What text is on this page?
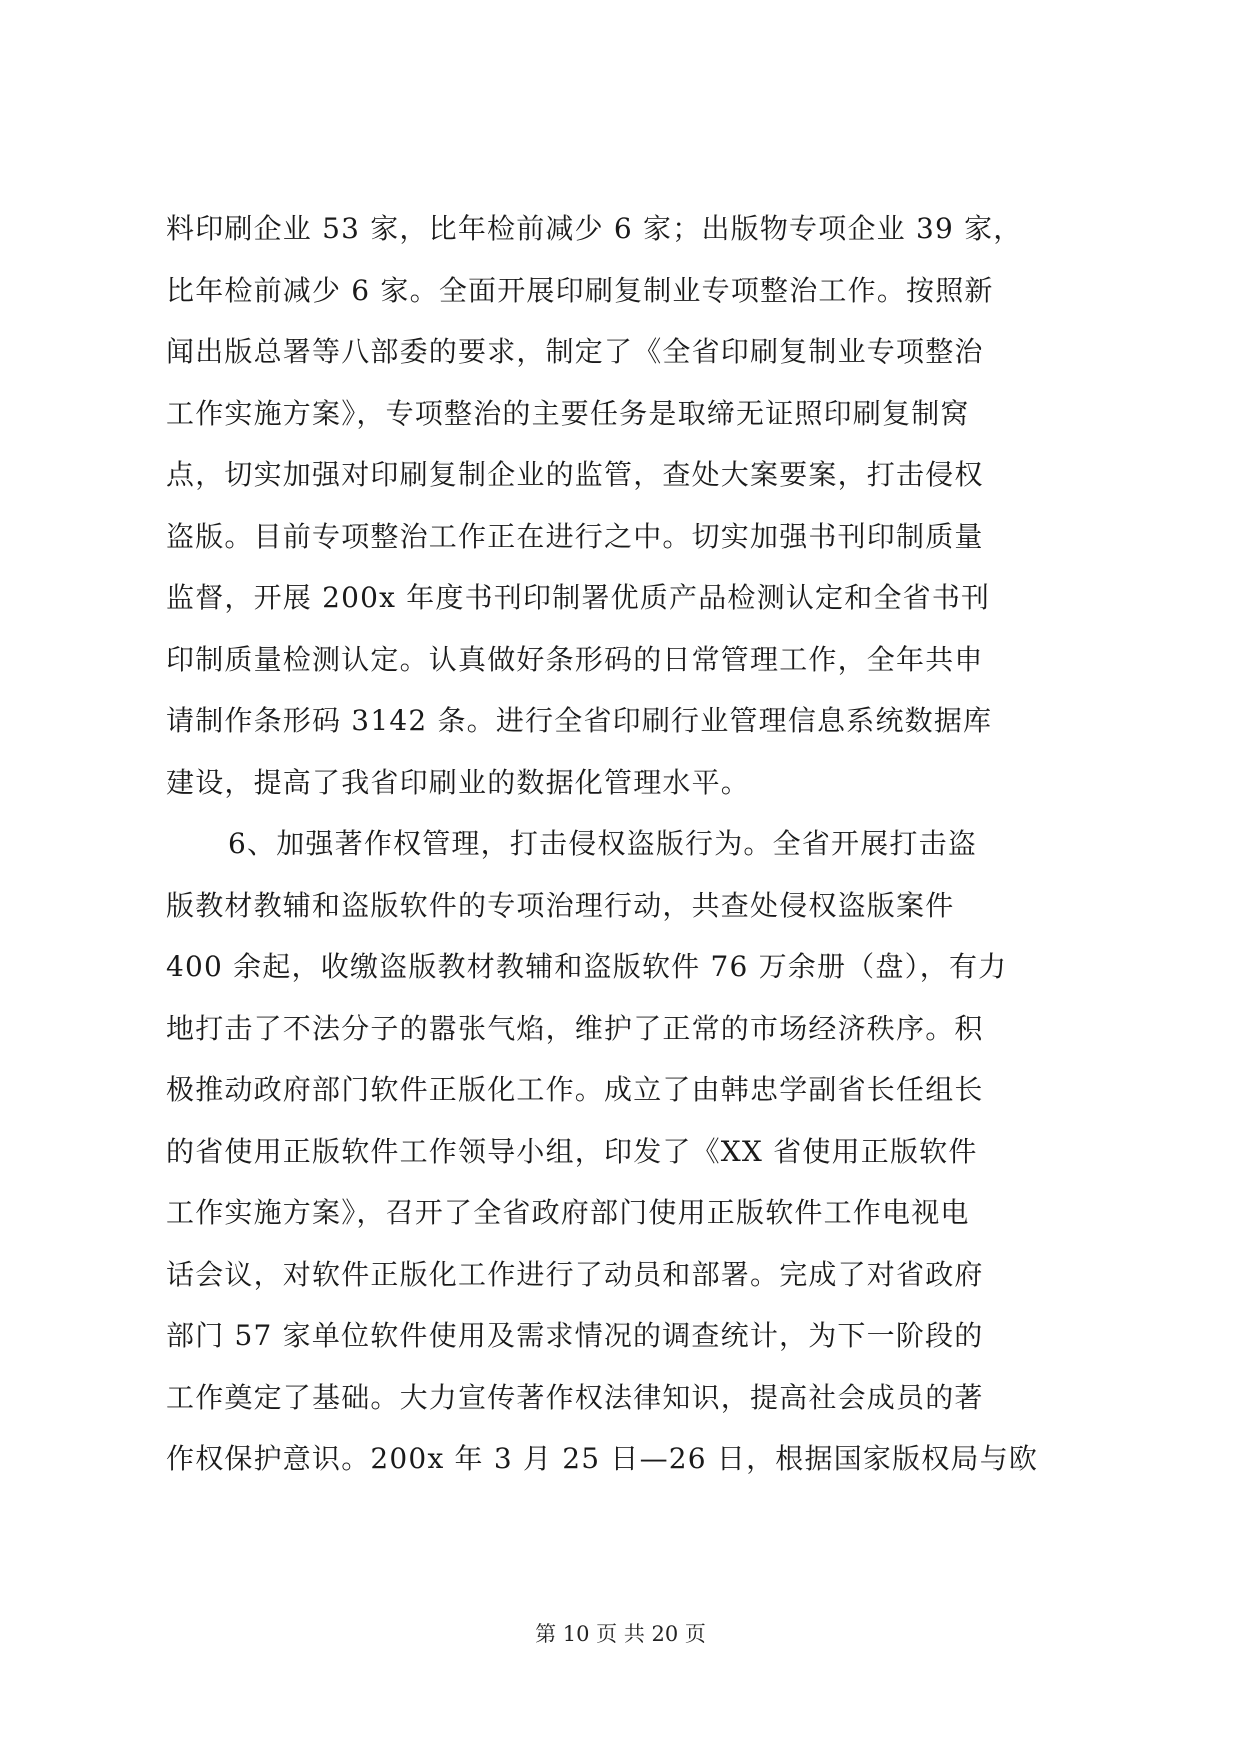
料印刷企业 53 家，比年检前减少 6 家；出版物专项企业 39 家，
比年检前减少 6 家。全面开展印刷复制业专项整治工作。按照新
闻出版总署等八部委的要求，制定了《全省印刷复制业专项整治
工作实施方案》，专项整治的主要任务是取缔无证照印刷复制窝
点，切实加强对印刷复制企业的监管，查处大案要案，打击侵权
盗版。目前专项整治工作正在进行之中。切实加强书刊印制质量
监督，开展 200x 年度书刊印制署优质产品检测认定和全省书刊
印制质量检测认定。认真做好条形码的日常管理工作，全年共申
请制作条形码 3142 条。进行全省印刷行业管理信息系统数据库
建设，提高了我省印刷业的数据化管理水平。
6、加强著作权管理，打击侵权盗版行为。全省开展打击盗
版教材教辅和盗版软件的专项治理行动，共查处侵权盗版案件
400 余起，收缴盗版教材教辅和盗版软件 76 万余册（盘），有力
地打击了不法分子的嚣张气焰，维护了正常的市场经济秩序。积
极推动政府部门软件正版化工作。成立了由韩忠学副省长任组长
的省使用正版软件工作领导小组，印发了《XX 省使用正版软件
工作实施方案》，召开了全省政府部门使用正版软件工作电视电
话会议，对软件正版化工作进行了动员和部署。完成了对省政府
部门 57 家单位软件使用及需求情况的调查统计，为下一阶段的
工作奠定了基础。大力宣传著作权法律知识，提高社会成员的著
作权保护意识。200x 年 3 月 25 日—26 日，根据国家版权局与欧
第 10 页 共 20 页
